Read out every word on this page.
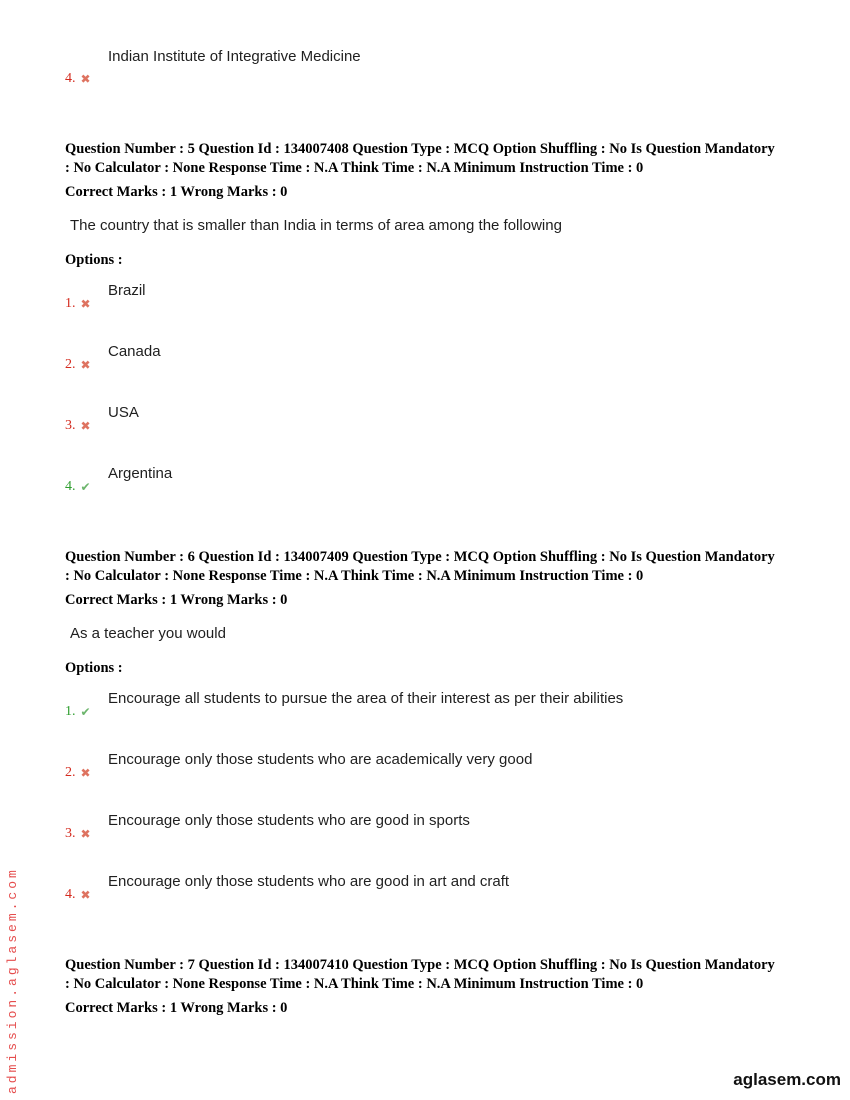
4. ✖
Indian Institute of Integrative Medicine

Question Number : 5 Question Id : 134007408 Question Type : MCQ Option Shuffling : No Is Question Mandatory : No Calculator : None Response Time : N.A Think Time : N.A Minimum Instruction Time : 0

Correct Marks : 1 Wrong Marks : 0

The country that is smaller than India in terms of area among the following

Options :

1. ✖
Brazil
2. ✖
Canada
3. ✖
USA
4. ✔
Argentina

Question Number : 6 Question Id : 134007409 Question Type : MCQ Option Shuffling : No Is Question Mandatory : No Calculator : None Response Time : N.A Think Time : N.A Minimum Instruction Time : 0

Correct Marks : 1 Wrong Marks : 0

As a teacher you would

Options :

1. ✔
Encourage all students to pursue the area of their interest as per their abilities
2. ✖
Encourage only those students who are academically very good
3. ✖
Encourage only those students who are good in sports
4. ✖
Encourage only those students who are good in art and craft

Question Number : 7 Question Id : 134007410 Question Type : MCQ Option Shuffling : No Is Question Mandatory : No Calculator : None Response Time : N.A Think Time : N.A Minimum Instruction Time : 0

Correct Marks : 1 Wrong Marks : 0

admission.aglasem.com	aglasem.com
